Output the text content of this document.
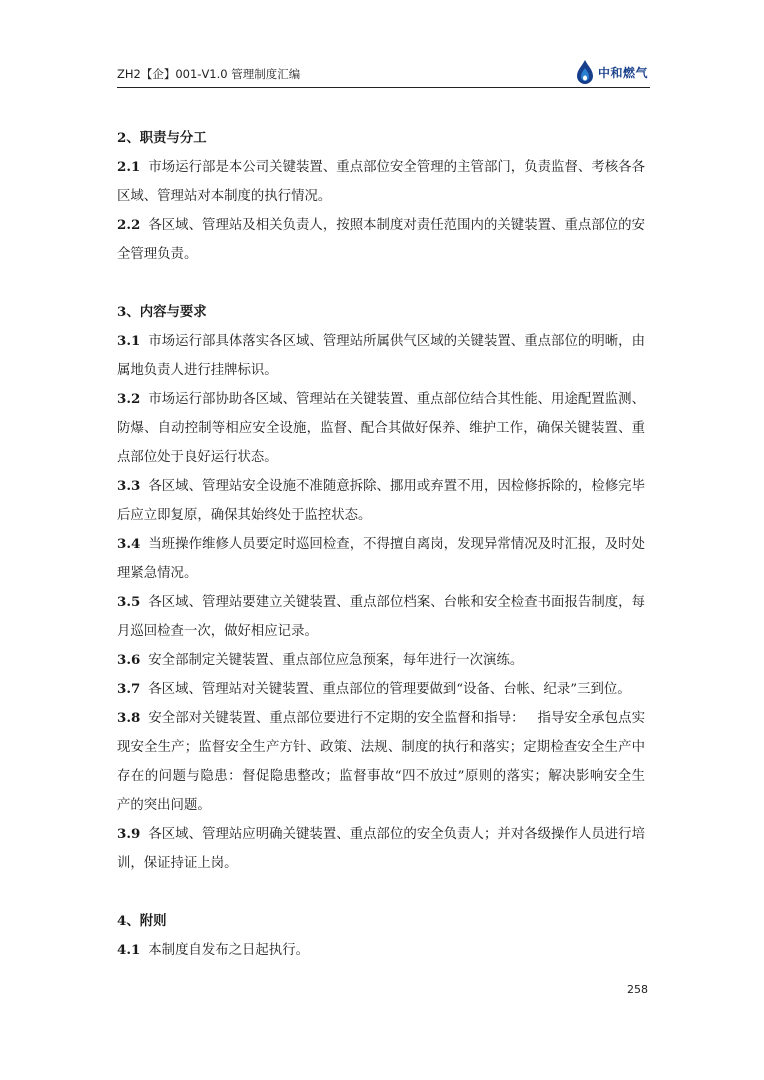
ZH2【企】001-V1.0 管理制度汇编	中和燃气
2、职责与分工
2.1 市场运行部是本公司关键装置、重点部位安全管理的主管部门，负责监督、考核各各
区域、管理站对本制度的执行情况。
2.2 各区域、管理站及相关负责人，按照本制度对责任范围内的关键装置、重点部位的安
全管理负责。
3、内容与要求
3.1 市场运行部具体落实各区域、管理站所属供气区域的关键装置、重点部位的明晰，由
属地负责人进行挂牌标识。
3.2 市场运行部协助各区域、管理站在关键装置、重点部位结合其性能、用途配置监测、
防爆、自动控制等相应安全设施，监督、配合其做好保养、维护工作，确保关键装置、重
点部位处于良好运行状态。
3.3 各区域、管理站安全设施不准随意拆除、挪用或弃置不用，因检修拆除的，检修完毕
后应立即复原，确保其始终处于监控状态。
3.4 当班操作维修人员要定时巡回检查，不得擅自离岗，发现异常情况及时汇报，及时处
理紧急情况。
3.5 各区域、管理站要建立关键装置、重点部位档案、台帐和安全检查书面报告制度，每
月巡回检查一次，做好相应记录。
3.6 安全部制定关键装置、重点部位应急预案，每年进行一次演练。
3.7 各区域、管理站对关键装置、重点部位的管理要做到“设备、台帐、纪录”三到位。
3.8 安全部对关键装置、重点部位要进行不定期的安全监督和指导：   指导安全承包点实
现安全生产；监督安全生产方针、政策、法规、制度的执行和落实；定期检查安全生产中
存在的问题与隐患：督促隐患整改；监督事故“四不放过”原则的落实；解决影响安全生
产的突出问题。
3.9 各区域、管理站应明确关键装置、重点部位的安全负责人；并对各级操作人员进行培
训，保证持证上岗。
4、附则
4.1 本制度自发布之日起执行。
258
